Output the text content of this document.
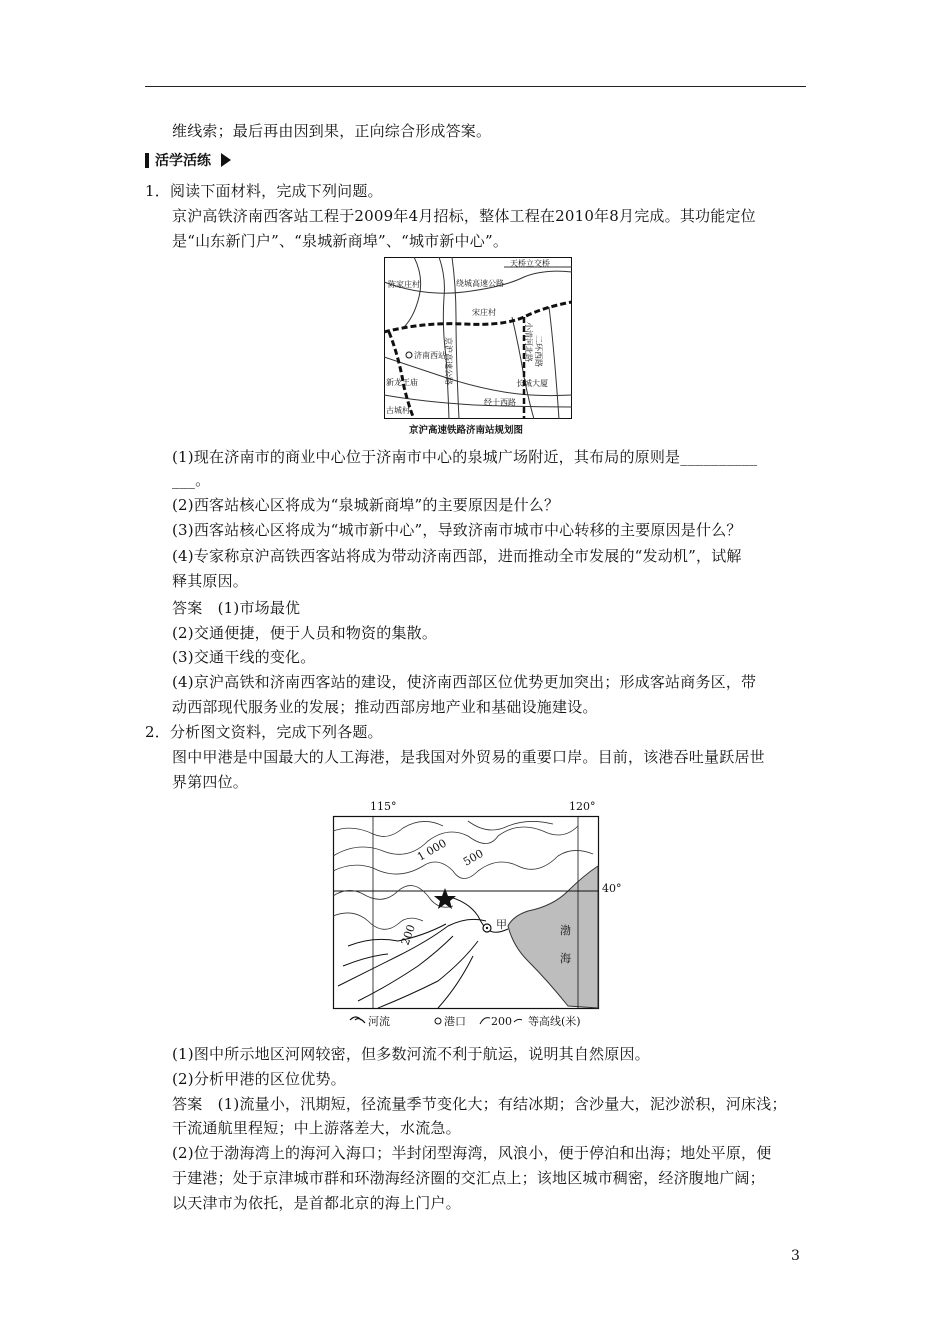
维线索；最后再由因到果，正向综合形成答案。
活学活练
1．阅读下面材料，完成下列问题。
京沪高铁济南西客站工程于2009年4月招标，整体工程在2010年8月完成。其功能定位
是“山东新门户”、“泉城新商埠”、“城市新中心”。
天桥立交桥
绕城高速公路
陈家庄村
宋庄村
小清河北路 二环西路
京沪高速公路
济南西站
新龙王庙
古城村
长城大厦
经十西路
京沪高速铁路济南站规划图
(1)现在济南市的商业中心位于济南市中心的泉城广场附近，其布局的原则是__________
___。
(2)西客站核心区将成为“泉城新商埠”的主要原因是什么？
(3)西客站核心区将成为“城市新中心”，导致济南市城市中心转移的主要原因是什么？
(4)专家称京沪高铁西客站将成为带动济南西部，进而推动全市发展的“发动机”，试解
释其原因。
答案　(1)市场最优
(2)交通便捷，便于人员和物资的集散。
(3)交通干线的变化。
(4)京沪高铁和济南西客站的建设，使济南西部区位优势更加突出；形成客站商务区，带
动西部现代服务业的发展；推动西部房地产业和基础设施建设。
2．分析图文资料，完成下列各题。
图中甲港是中国最大的人工海港，是我国对外贸易的重要口岸。目前，该港吞吐量跃居世
界第四位。
115°	120°
40°
1 000 500
200	甲	渤
海
河流	港口 200 等高线(米)
(1)图中所示地区河网较密，但多数河流不利于航运，说明其自然原因。
(2)分析甲港的区位优势。
答案　(1)流量小，汛期短，径流量季节变化大；有结冰期；含沙量大，泥沙淤积，河床浅；
干流通航里程短；中上游落差大，水流急。
(2)位于渤海湾上的海河入海口；半封闭型海湾，风浪小，便于停泊和出海；地处平原，便
于建港；处于京津城市群和环渤海经济圈的交汇点上；该地区城市稠密，经济腹地广阔；
以天津市为依托，是首都北京的海上门户。
3
